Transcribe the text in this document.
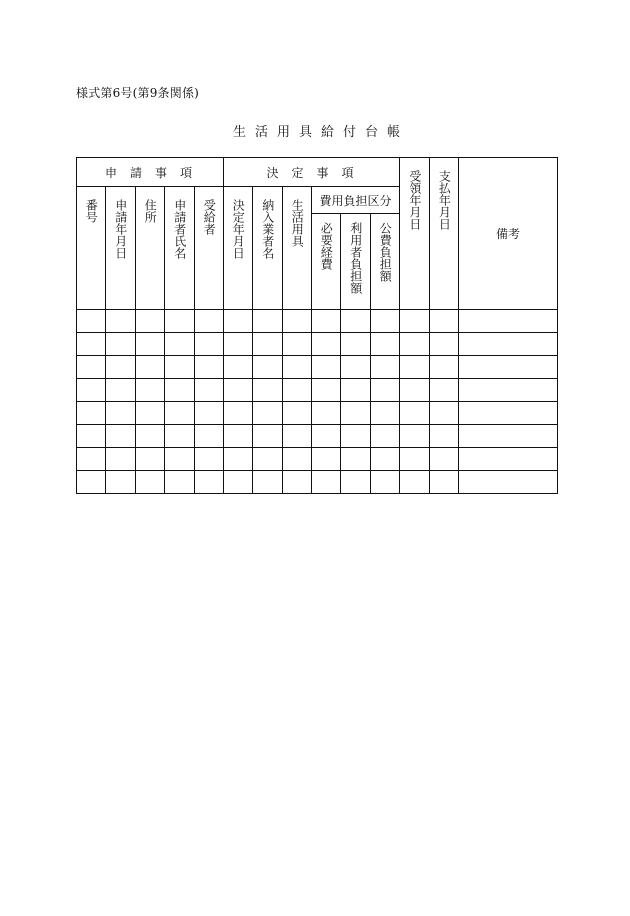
様式第6号(第9条関係)
生活用具給付台帳
申請事項					決定事項						受領年月日	支払年月日	備考
番号	申請年月日	住所	申請者氏名	受給者	決定年月日	納入業者名	生活用具	費用負担区分					
								必要経費	利用者負担額	公費負担額			
